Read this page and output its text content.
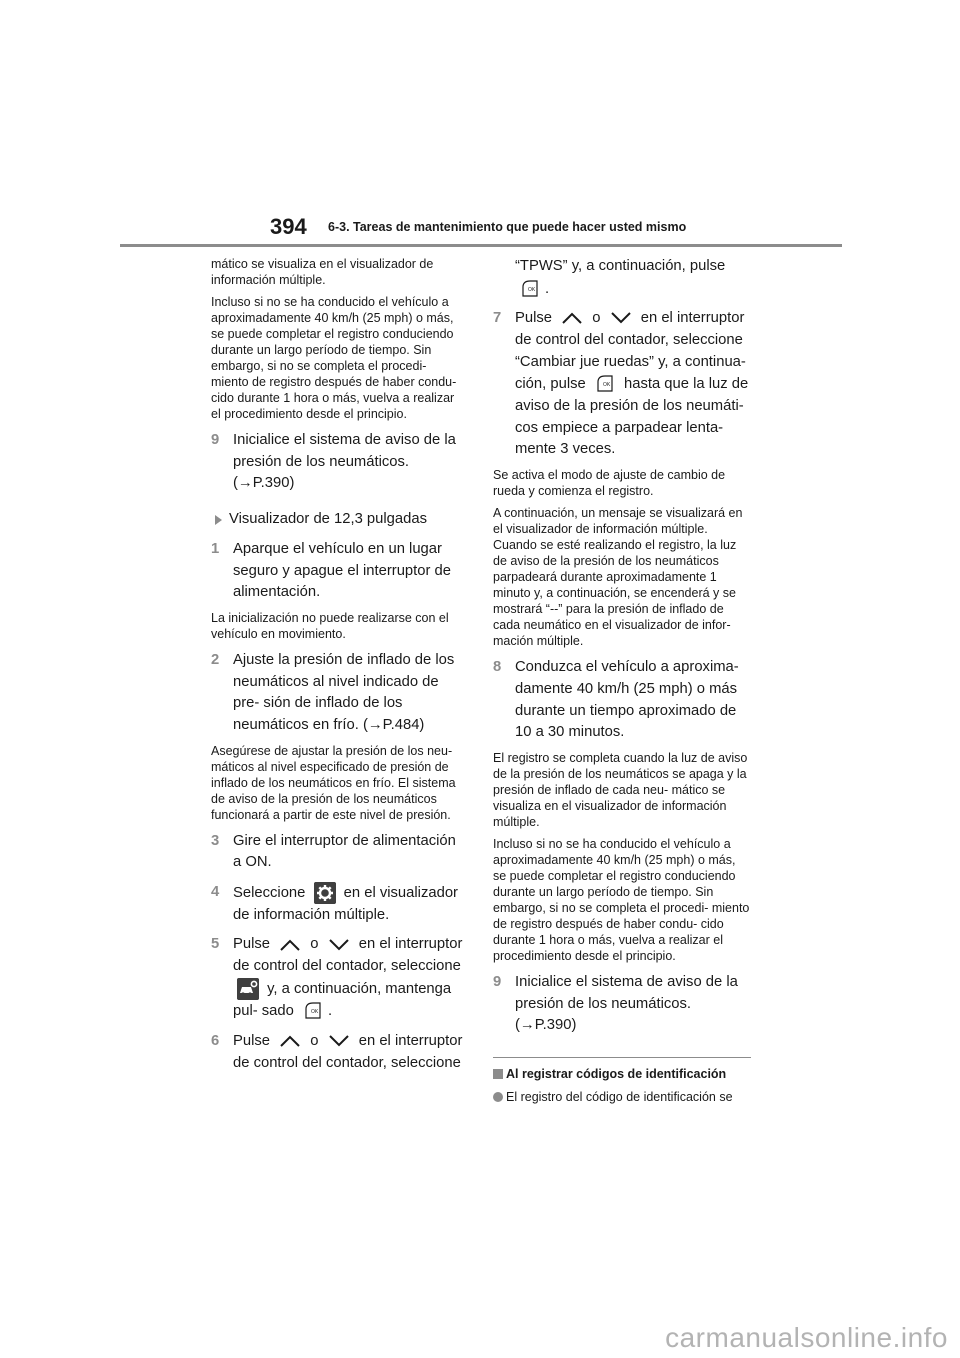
394 6-3. Tareas de mantenimiento que puede hacer usted mismo

mático se visualiza en el visualizador de información múltiple.

Incluso si no se ha conducido el vehículo a aproximadamente 40 km/h (25 mph) o más, se puede completar el registro conduciendo durante un largo período de tiempo. Sin embargo, si no se completa el procedi- miento de registro después de haber condu- cido durante 1 hora o más, vuelva a realizar el procedimiento desde el principio.

9 Inicialice el sistema de aviso de la presión de los neumáticos.
(→P.390)
Visualizador de 12,3 pulgadas
1 Aparque el vehículo en un lugar seguro y apague el interruptor de alimentación.

La inicialización no puede realizarse con el vehículo en movimiento.

2 Ajuste la presión de inflado de los neumáticos al nivel indicado de pre- sión de inflado de los neumáticos en frío. (→P.484)

Asegúrese de ajustar la presión de los neu- máticos al nivel especificado de presión de inflado de los neumáticos en frío. El sistema de aviso de la presión de los neumáticos funcionará a partir de este nivel de presión.

3 Gire el interruptor de alimentación a ON.
4 Seleccione	en el visualizador de información múltiple.
5 Pulse	o	en el interruptor de control del contador, seleccione  y, a continuación, mantenga pul- sado	OK .
6 Pulse	o	en el interruptor de control del contador, seleccione
“TPWS” y, a continuación, pulse

OK .
7 Pulse	o	en el interruptor de control del contador, seleccione “Cambiar jue ruedas” y, a continua- ción, pulse	OK hasta que la luz de aviso de la presión de los neumáti- cos empiece a parpadear lenta- mente 3 veces.

Se activa el modo de ajuste de cambio de rueda y comienza el registro.

A continuación, un mensaje se visualizará en el visualizador de información múltiple. Cuando se esté realizando el registro, la luz de aviso de la presión de los neumáticos parpadeará durante aproximadamente 1 minuto y, a continuación, se encenderá y se mostrará “--” para la presión de inflado de cada neumático en el visualizador de infor- mación múltiple.

8 Conduzca el vehículo a aproxima- damente 40 km/h (25 mph) o más durante un tiempo aproximado de 10 a 30 minutos.

El registro se completa cuando la luz de aviso de la presión de los neumáticos se apaga y la presión de inflado de cada neu- mático se visualiza en el visualizador de información múltiple.

Incluso si no se ha conducido el vehículo a aproximadamente 40 km/h (25 mph) o más, se puede completar el registro conduciendo durante un largo período de tiempo. Sin embargo, si no se completa el procedi- miento de registro después de haber condu- cido durante 1 hora o más, vuelva a realizar el procedimiento desde el principio.

9 Inicialice el sistema de aviso de la presión de los neumáticos.
(→P.390)
Al registrar códigos de identificación
El registro del código de identificación se
carmanualsonline.info
